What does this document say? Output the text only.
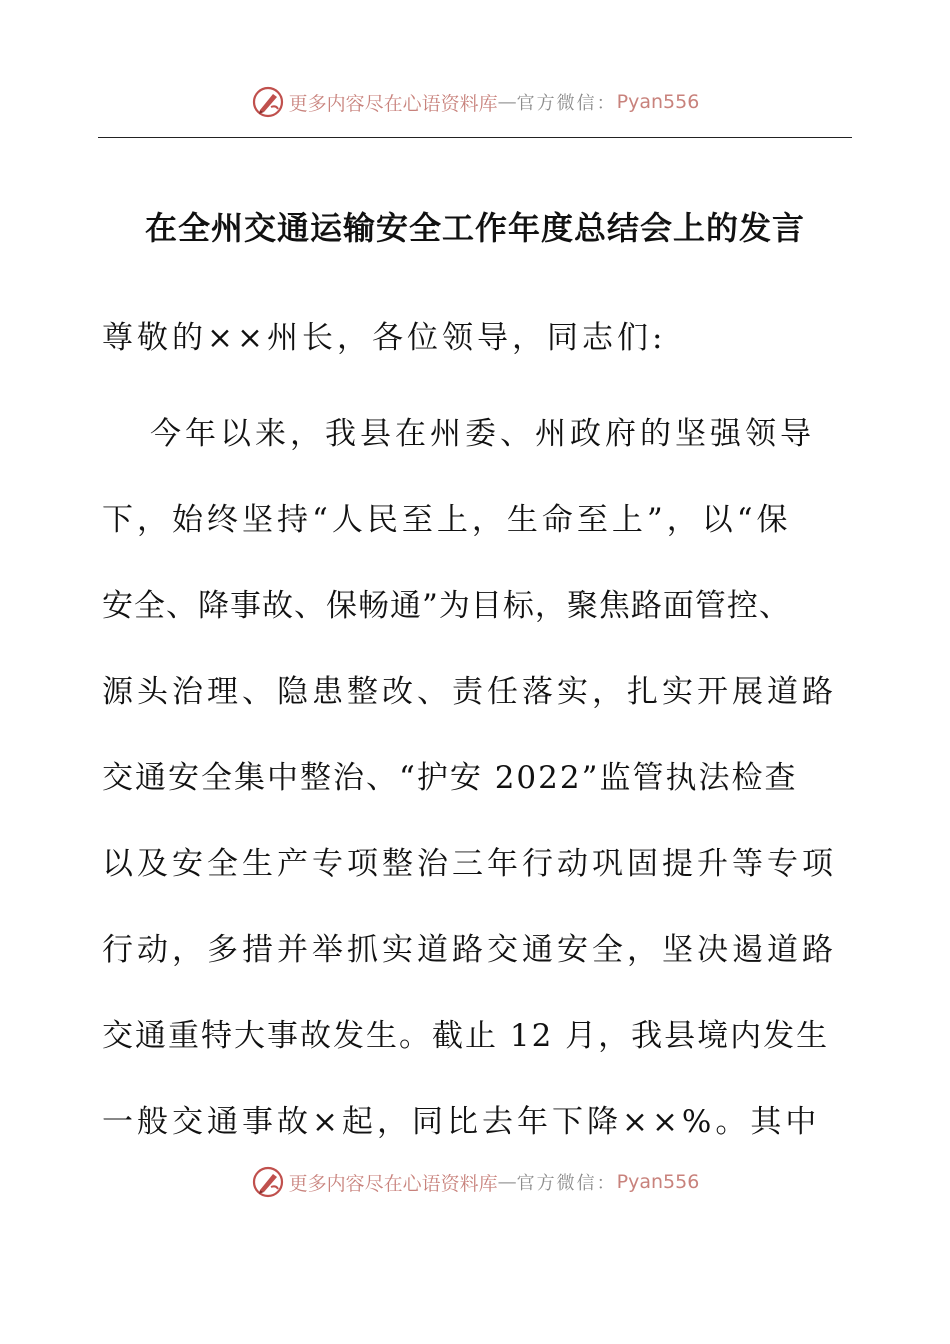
更多内容尽在心语资料库 — 官方微信： Pyan556
在全州交通运输安全工作年度总结会上的发言
尊敬的××州长，各位领导，同志们:
今年以来，我县在州委、州政府的坚强领导
下，始终坚持“人民至上，生命至上”，以“保
安全、降事故、保畅通”为目标，聚焦路面管控、
源头治理、隐患整改、责任落实，扎实开展道路
交通安全集中整治、“护安 2022”监管执法检查
以及安全生产专项整治三年行动巩固提升等专项
行动，多措并举抓实道路交通安全，坚决遏道路
交通重特大事故发生。截止 12 月，我县境内发生
一般交通事故×起，同比去年下降××%。其中
更多内容尽在心语资料库 — 官方微信： Pyan556
